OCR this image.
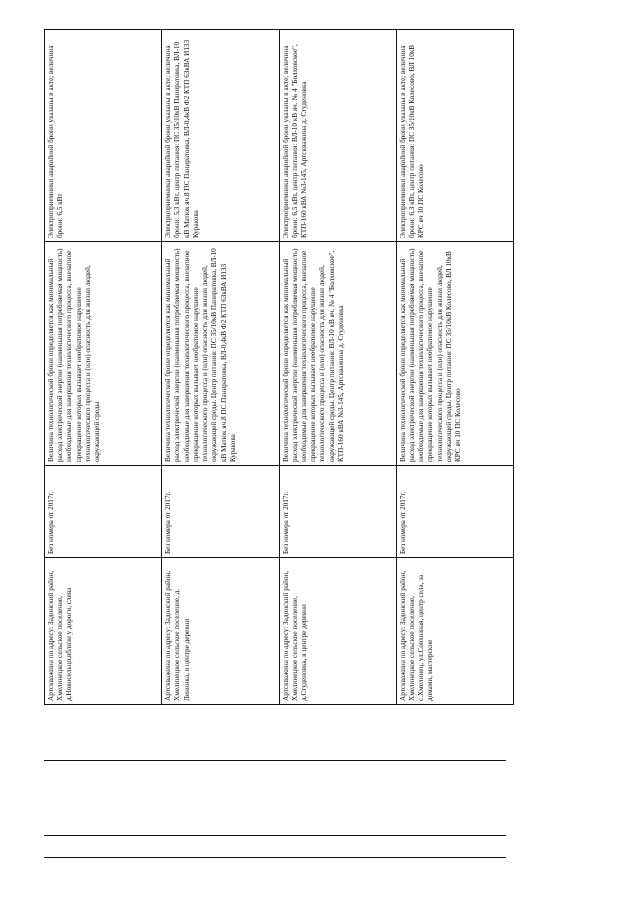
Артскважина по адресу: Задонский район, Хмелинецкое сельское поселение, д.Новосельцо,вблизи у дороги, слева	Без номера от 2017г.	Величина технологической брони определяется как минимальный расход электрической энергии (наименьшая потребляемая мощность) необходимые для завершения технологического процесса, внезапное прекращение которых вызывает необратимое нарушение технологического процесса и (или) опасность для жизни людей, окружающей среды	Электроприемники аварийной брони указаны в акте; величина брони: 6,5 кВт
Артскважина по адресу: Задонский район, Хмелинецкое сельское поселение, д. Ленинка, в центре деревни	Без номера от 2017г.	Величина технологической брони определяется как минимальный расход электрической энергии (наименьшая потребляемая мощность) необходимые для завершения технологического процесса, внезапное прекращение которых вызывает необратимое нарушение технологического процесса и (или) опасность для жизни людей, окружающей среды. Центр питания: ПС 35/10кВ Паниратовка, ВЛ-10 кВ Матюк яч.8 ПС Паниратовка, ВЛ-0,4кВ Ф2 КТП 63кВА И133 Куракова	Электроприемники аварийной брони указаны в акте; величина брони: 5,3 кВт, центр питания: ПС 35/10кВ Паниратовка, ВЛ-10 кВ Матюк яч.8 ПС Паниратовка, ВЛ-0,4кВ Ф2 КТП 63кВА И133 Куракова
Артскважина по адресу: Задонский район, Хмелинецкое сельское поселение, д.Студеновка, в центре деревни	Без номера от 2017г.	Величина технологической брони определяется как минимальный расход электрической энергии (наименьшая потребляемая мощность) необходимые для завершения технологического процесса, внезапное прекращение которых вызывает необратимое нарушение технологического процесса и (или) опасность для жизни людей, окружающей среды. Центр питания: ВЛ-10 кВ яч. № 4 "Болховское", КТП-160 кВА №3-145, Артскважина д. Студеновка	Электроприемники аварийной брони указаны в акте; величина брони: 6,5 кВт, центр питания: ВЛ-10 кВ яч. № 4 "Болховское", КТП-160 кВА №3-145, Артскважина д. Студеновка
Артскважина по адресу: Задонский район, Хмелинецкое сельское поселение, с.Хмелинец, ул.Совхозная, центр села, за домами, мастерские	Без номера от 2017г.	Величина технологической брони определяется как минимальный расход электрической энергии (наименьшая потребляемая мощность) необходимые для завершения технологического процесса, внезапное прекращение которых вызывает необратимое нарушение технологического процесса и (или) опасность для жизни людей, окружающей среды. Центр питания: ПС 35/10кВ Колесово, ВЛ 10кВ КРС яч 10 ПС Колесово	Электроприемники аварийной брони указаны в акте; величина брони: 6,3 кВт, центр питания: ПС 35/10кВ Колесово, ВЛ 10кВ КРС яч 10 ПС Колесово
